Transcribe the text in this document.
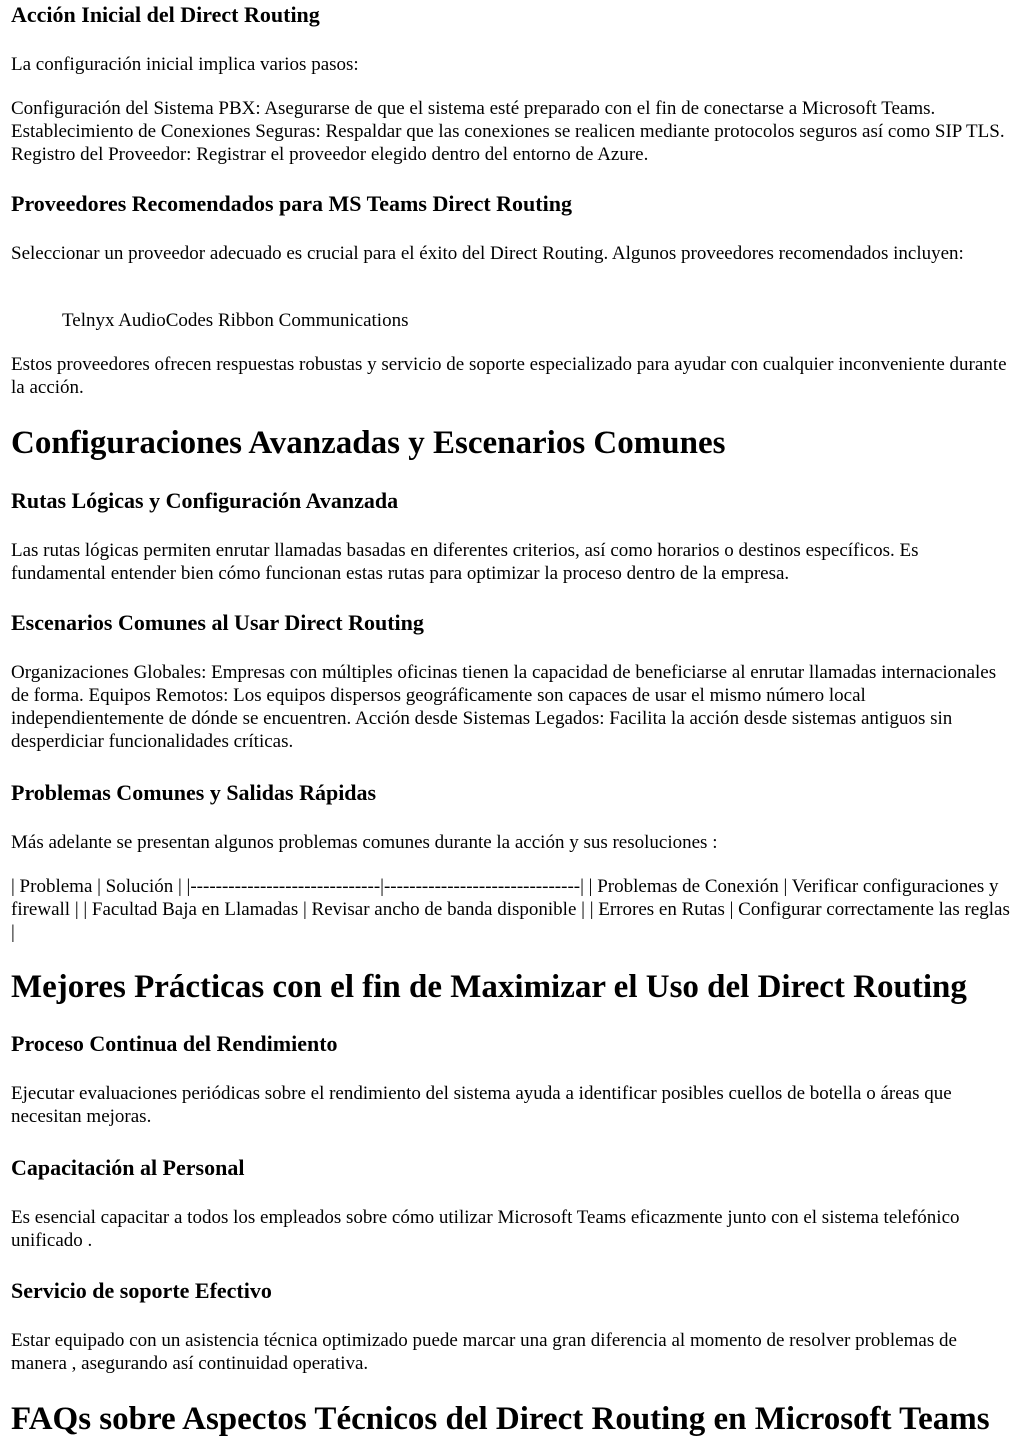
Acción Inicial del Direct Routing

La configuración inicial implica varios pasos:

Configuración del Sistema PBX: Asegurarse de que el sistema esté preparado con el fin de conectarse a Microsoft Teams. Establecimiento de Conexiones Seguras: Respaldar que las conexiones se realicen mediante protocolos seguros así como SIP TLS. Registro del Proveedor: Registrar el proveedor elegido dentro del entorno de Azure.

Proveedores Recomendados para MS Teams Direct Routing

Seleccionar un proveedor adecuado es crucial para el éxito del Direct Routing. Algunos proveedores recomendados incluyen:

Telnyx AudioCodes Ribbon Communications

Estos proveedores ofrecen respuestas robustas y servicio de soporte especializado para ayudar con cualquier inconveniente durante la acción.

Configuraciones Avanzadas y Escenarios Comunes
Rutas Lógicas y Configuración Avanzada

Las rutas lógicas permiten enrutar llamadas basadas en diferentes criterios, así como horarios o destinos específicos. Es fundamental entender bien cómo funcionan estas rutas para optimizar la proceso dentro de la empresa.

Escenarios Comunes al Usar Direct Routing

Organizaciones Globales: Empresas con múltiples oficinas tienen la capacidad de beneficiarse al enrutar llamadas internacionales de forma. Equipos Remotos: Los equipos dispersos geográficamente son capaces de usar el mismo número local independientemente de dónde se encuentren. Acción desde Sistemas Legados: Facilita la acción desde sistemas antiguos sin desperdiciar funcionalidades críticas.

Problemas Comunes y Salidas Rápidas

Más adelante se presentan algunos problemas comunes durante la acción y sus resoluciones :

| Problema | Solución | |------------------------------|-------------------------------| | Problemas de Conexión | Verificar configuraciones y firewall | | Facultad Baja en Llamadas | Revisar ancho de banda disponible | | Errores en Rutas | Configurar correctamente las reglas |

Mejores Prácticas con el fin de Maximizar el Uso del Direct Routing
Proceso Continua del Rendimiento

Ejecutar evaluaciones periódicas sobre el rendimiento del sistema ayuda a identificar posibles cuellos de botella o áreas que necesitan mejoras.

Capacitación al Personal

Es esencial capacitar a todos los empleados sobre cómo utilizar Microsoft Teams eficazmente junto con el sistema telefónico unificado .

Servicio de soporte Efectivo

Estar equipado con un asistencia técnica optimizado puede marcar una gran diferencia al momento de resolver problemas de manera , asegurando así continuidad operativa.

FAQs sobre Aspectos Técnicos del Direct Routing en Microsoft Teams
